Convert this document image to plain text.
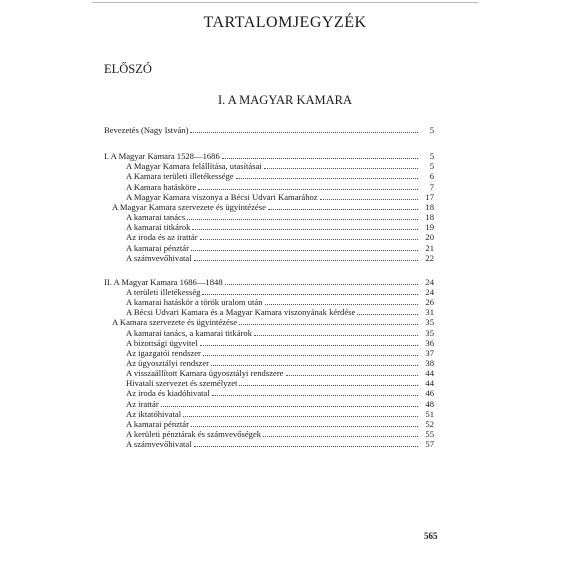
TARTALOMJEGYZÉK
ELŐSZÓ
I. A MAGYAR KAMARA
Bevezetés (Nagy István)	5
I. A Magyar Kamara 1528—1686	5
A Magyar Kamara felállítása, utasításai	5
A Kamara területi illetékessége	6
A Kamara hatásköre	7
A Magyar Kamara viszonya a Bécsi Udvari Kamarához	17
A Magyar Kamara szervezete és ügyintézése	18
A kamarai tanács	18
A kamarai titkárok	19
Az iroda és az irattár	20
A kamarai pénztár	21
A számvevőhivatal	22
II. A Magyar Kamara 1686—1848	24
A területi illetékesség	24
A kamarai hatáskör a török uralom után	26
A Bécsi Udvari Kamara és a Magyar Kamara viszonyának kérdése	31
A Kamara szervezete és ügyintézése	35
A kamarai tanács, a kamarai titkárok	35
A bizottsági ügyvitel	36
Az igazgatói rendszer	37
Az ügyosztályi rendszer	38
A visszaállított Kamara ügyosztályi rendszere	44
Hivatali szervezet és személyzet	44
Az iroda és kiadóhivatal	46
Az irattár	48
Az iktatóhivatal	51
A kamarai pénztár	52
A kerületi pénztárak és számvevőségek	55
A számvevőhivatal	57
565
